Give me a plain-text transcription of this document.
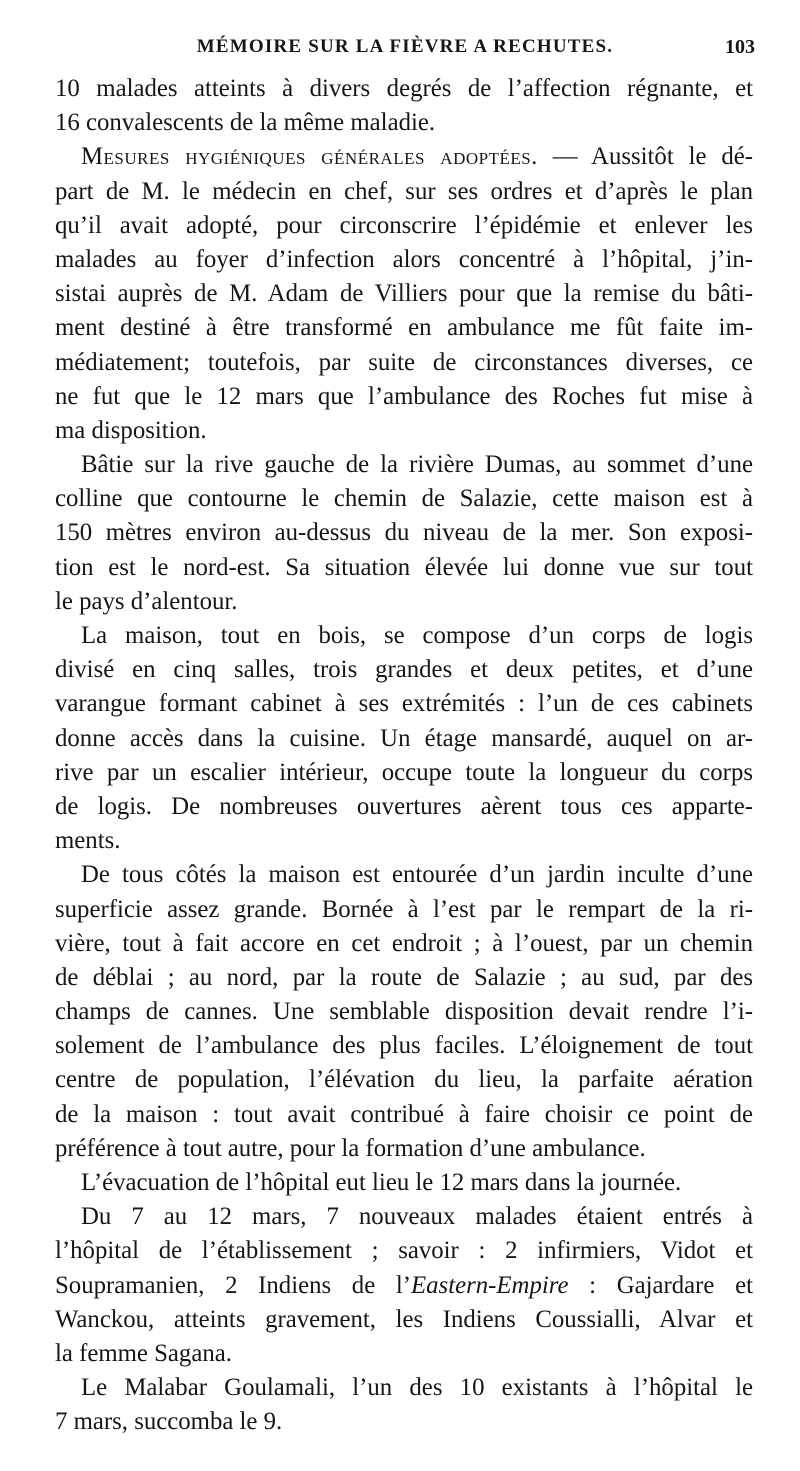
MÉMOIRE SUR LA FIÈVRE A RECHUTES.	103
10 malades atteints à divers degrés de l’affection régnante, et
16 convalescents de la même maladie.
Mesures hygiéniques générales adoptées. — Aussitôt le dé-
part de M. le médecin en chef, sur ses ordres et d’après le plan
qu’il avait adopté, pour circonscrire l’épidémie et enlever les
malades au foyer d’infection alors concentré à l’hôpital, j’in-
sistai auprès de M. Adam de Villiers pour que la remise du bâti-
ment destiné à être transformé en ambulance me fût faite im-
médiatement; toutefois, par suite de circonstances diverses, ce
ne fut que le 12 mars que l’ambulance des Roches fut mise à
ma disposition.
Bâtie sur la rive gauche de la rivière Dumas, au sommet d’une
colline que contourne le chemin de Salazie, cette maison est à
150 mètres environ au-dessus du niveau de la mer. Son exposi-
tion est le nord-est. Sa situation élevée lui donne vue sur tout
le pays d’alentour.
La maison, tout en bois, se compose d’un corps de logis
divisé en cinq salles, trois grandes et deux petites, et d’une
varangue formant cabinet à ses extrémités : l’un de ces cabinets
donne accès dans la cuisine. Un étage mansardé, auquel on ar-
rive par un escalier intérieur, occupe toute la longueur du corps
de logis. De nombreuses ouvertures aèrent tous ces apparte-
ments.
De tous côtés la maison est entourée d’un jardin inculte d’une
superficie assez grande. Bornée à l’est par le rempart de la ri-
vière, tout à fait accore en cet endroit ; à l’ouest, par un chemin
de déblai ; au nord, par la route de Salazie ; au sud, par des
champs de cannes. Une semblable disposition devait rendre l’i-
solement de l’ambulance des plus faciles. L’éloignement de tout
centre de population, l’élévation du lieu, la parfaite aération
de la maison : tout avait contribué à faire choisir ce point de
préférence à tout autre, pour la formation d’une ambulance.
L’évacuation de l’hôpital eut lieu le 12 mars dans la journée.
Du 7 au 12 mars, 7 nouveaux malades étaient entrés à
l’hôpital de l’établissement ; savoir : 2 infirmiers, Vidot et
Soupramanien, 2 Indiens de l’Eastern-Empire : Gajardare et
Wanckou, atteints gravement, les Indiens Coussialli, Alvar et
la femme Sagana.
Le Malabar Goulamali, l’un des 10 existants à l’hôpital le
7 mars, succomba le 9.
